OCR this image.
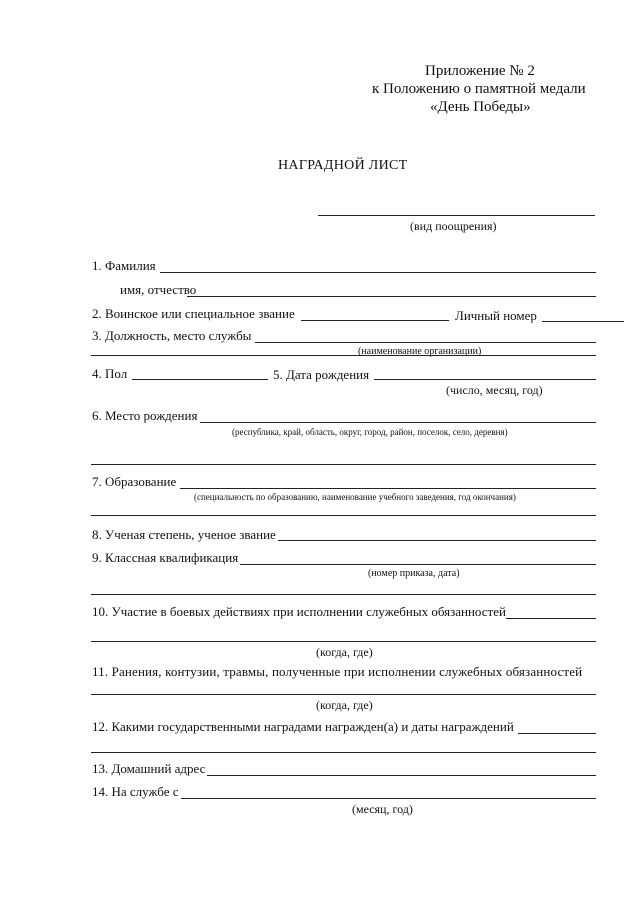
Приложение № 2
к Положению о памятной медали
«День Победы»
НАГРАДНОЙ ЛИСТ
(вид поощрения)
1. Фамилия
имя, отчество
2. Воинское или специальное звание	Личный номер
3. Должность, место службы
(наименование организации)
4. Пол	5. Дата рождения
(число, месяц, год)
6. Место рождения
(республика, край, область, округ, город, район, поселок, село, деревня)
7. Образование
(специальность по образованию, наименование учебного заведения, год окончания)
8. Ученая степень, ученое звание
9. Классная квалификация
(номер приказа, дата)
10. Участие в боевых действиях при исполнении служебных обязанностей
(когда, где)
11. Ранения, контузии, травмы, полученные при исполнении служебных обязанностей
(когда, где)
12. Какими государственными наградами награжден(а) и даты награждений
13. Домашний адрес
14. На службе с
(месяц, год)
